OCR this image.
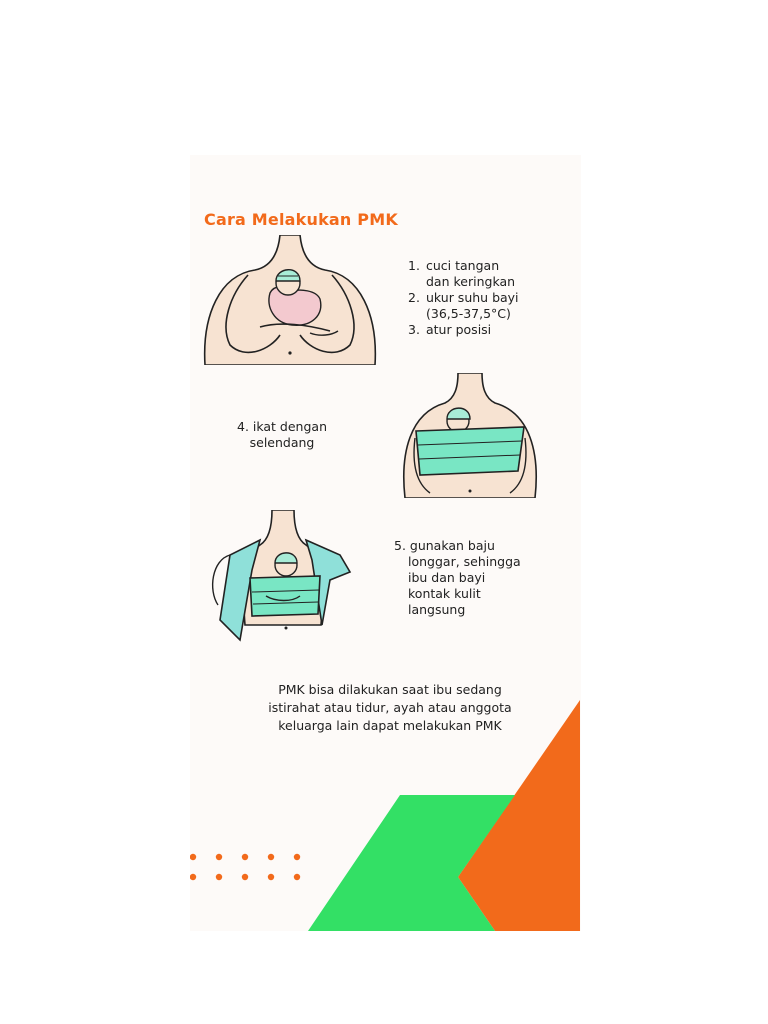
Cara Melakukan PMK
1. cuci tangan
dan keringkan
2. ukur suhu bayi
(36,5-37,5°C)
3. atur posisi

4. ikat dengan
selendang

5. gunakan baju
longgar, sehingga
ibu dan bayi
kontak kulit
langsung

PMK bisa dilakukan saat ibu sedang
istirahat atau tidur, ayah atau anggota
keluarga lain dapat melakukan PMK
